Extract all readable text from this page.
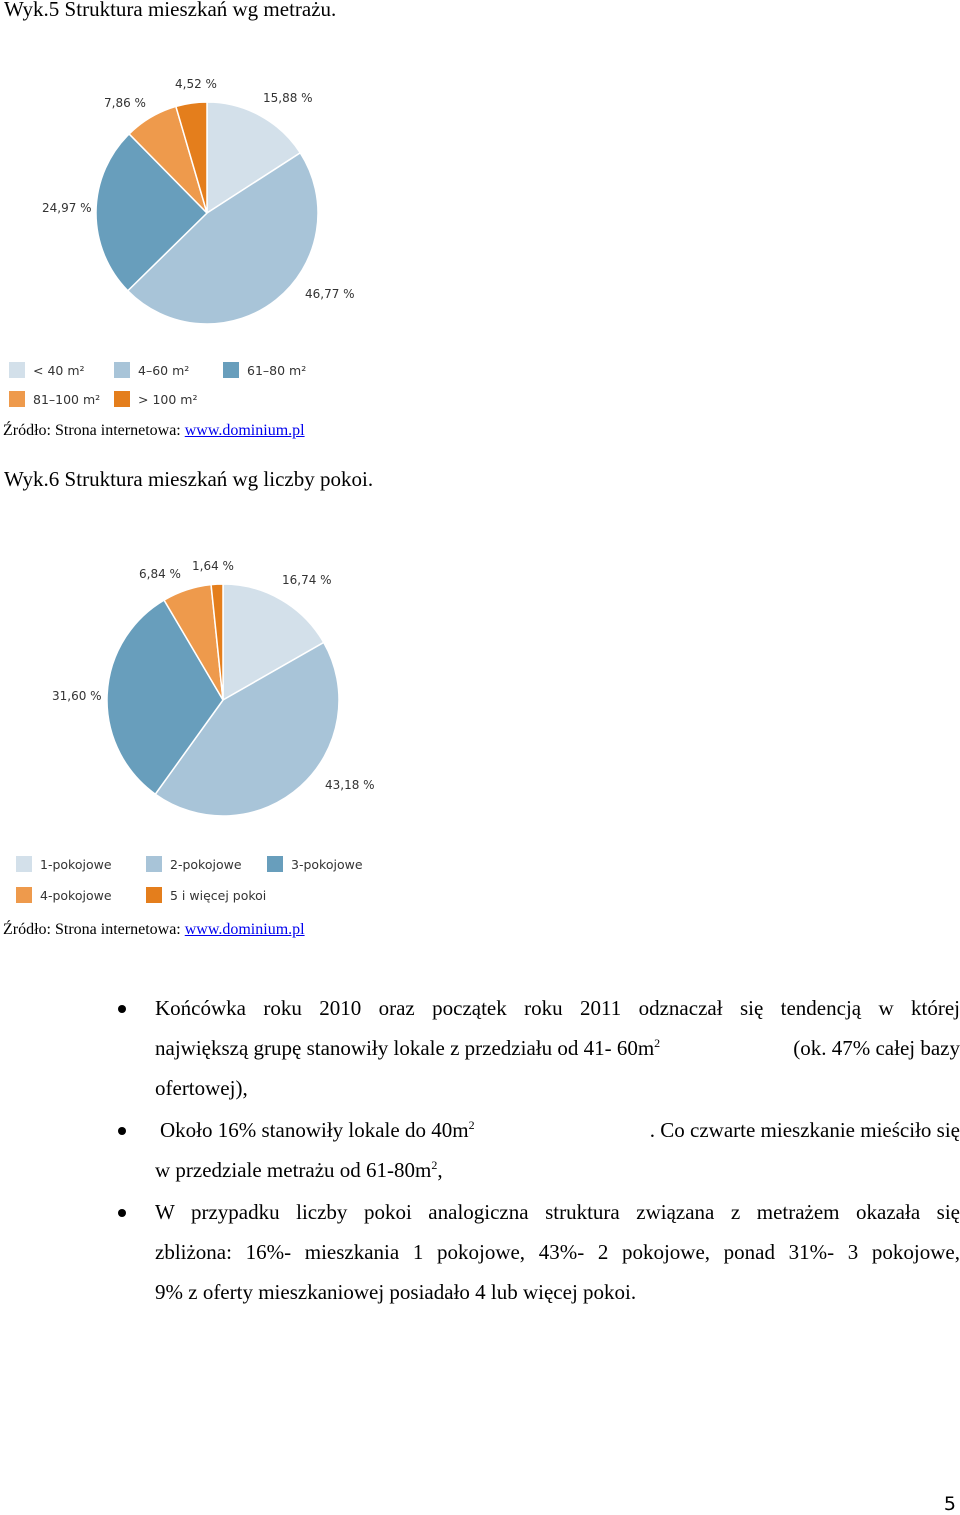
Wyk.5 Struktura mieszkań wg metrażu.
15,88 %
46,77 %
24,97 %
7,86 %
4,52 %
< 40 m²	4–60 m²	61–80 m²
81–100 m²	> 100 m²
Źródło: Strona internetowa: www.dominium.pl
Wyk.6 Struktura mieszkań wg liczby pokoi.
16,74 %
43,18 %
31,60 %
6,84 %
1,64 %
1-pokojowe	2-pokojowe	3-pokojowe
4-pokojowe	5 i więcej pokoi
Źródło: Strona internetowa: www.dominium.pl
Końcówka roku 2010 oraz początek roku 2011 odznaczał się tendencją w której
największą grupę stanowiły lokale z przedziału od 41- $60m^2$	(ok. 47% całej bazy
ofertowej),
Około 16% stanowiły lokale do $40m^2$	. Co czwarte mieszkanie mieściło się
w przedziale metrażu od $61-80m^2$,
W przypadku liczby pokoi analogiczna struktura związana z metrażem okazała się
zbliżona: 16%- mieszkania 1 pokojowe, 43%- 2 pokojowe, ponad 31%- 3 pokojowe,
9% z oferty mieszkaniowej posiadało 4 lub więcej pokoi.
5
